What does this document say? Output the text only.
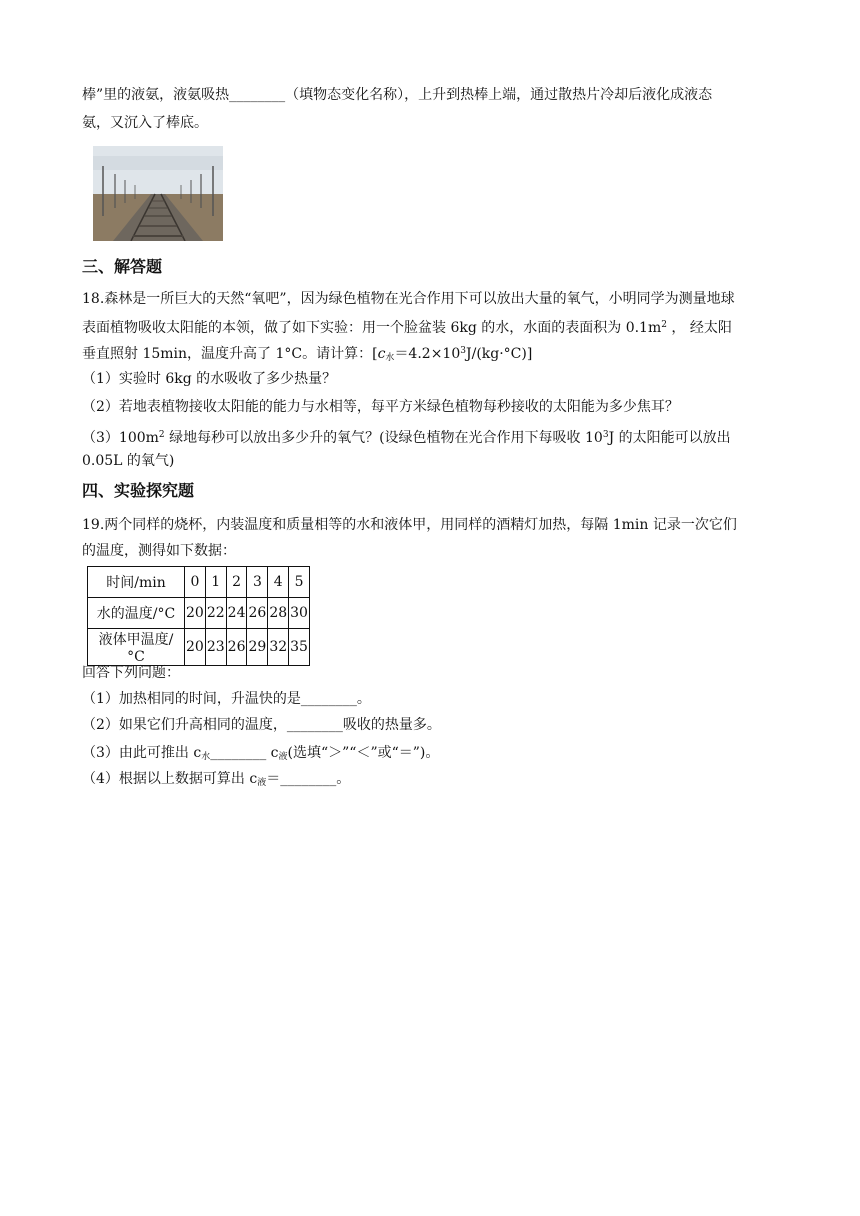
棒”里的液氨，液氨吸热________（填物态变化名称），上升到热棒上端，通过散热片冷却后液化成液态

氨，又沉入了棒底。

三、解答题

18.森林是一所巨大的天然“氧吧”，因为绿色植物在光合作用下可以放出大量的氧气，小明同学为测量地球

表面植物吸收太阳能的本领，做了如下实验：用一个脸盆装 6kg 的水，水面的表面积为 $0.1m^2$ ， 经太阳

垂直照射 15min，温度升高了 1°C。请计算：$[c_水=4.2\times 10^3J/(kg\cdot^\circ C)]$

（1）实验时 6kg 的水吸收了多少热量？

（2）若地表植物接收太阳能的能力与水相等，每平方米绿色植物每秒接收的太阳能为多少焦耳？

$(3)100m^2$ 绿地每秒可以放出多少升的氧气？(设绿色植物在光合作用下每吸收 $10^3J$ 的太阳能可以放出

0.05L 的氧气)

四、实验探究题

19.两个同样的烧杯，内装温度和质量相等的水和液体甲，用同样的酒精灯加热，每隔 1min 记录一次它们

的温度，测得如下数据：

时间/min	0	1	2	3	4	5
水的温度/°C	20	22	24	26	28	30
液体甲温度/°C	20	23	26	29	32	35

回答下列问题：

（1）加热相同的时间，升温快的是________。

（2）如果它们升高相同的温度，________吸收的热量多。

（3）由此可推出 $c_水\_\_\_\_\_\_\_\_$ $c_液$(选填“＞”“＜”或“＝”)。

（4）根据以上数据可算出 $c_液=\_\_\_\_\_\_\_\_$。
